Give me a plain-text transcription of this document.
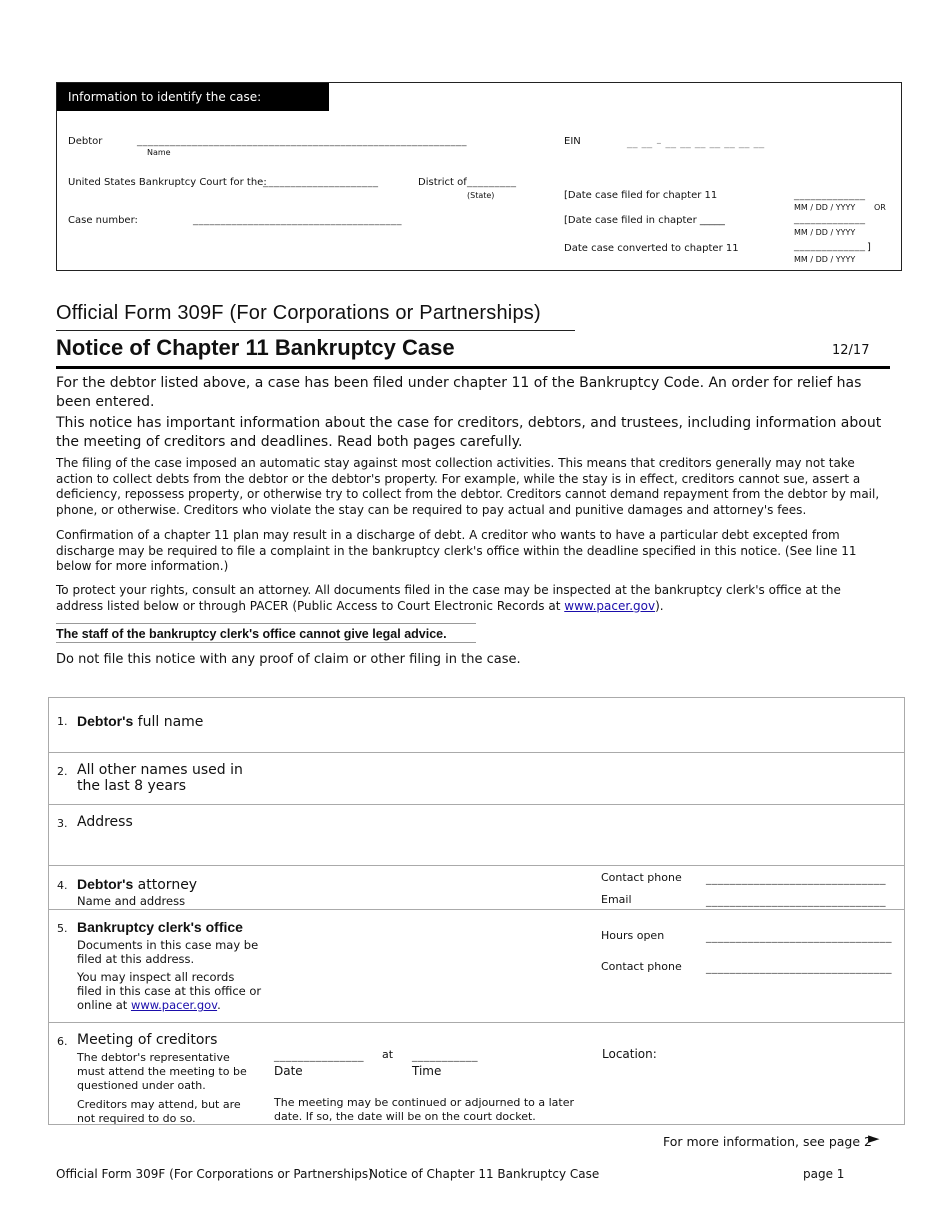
Information to identify the case:
Debtor	____________________________________________________________
Name
EIN	__ __ – __ __ __ __ __ __ __
United States Bankruptcy Court for the:
_____________________	District of _________
(State)
Case number:	______________________________________
[Date case filed for chapter 11	_____________
MM / DD / YYYY OR
[Date case filed in chapter _____	_____________
MM / DD / YYYY
Date case converted to chapter 11	_____________ ]
MM / DD / YYYY
Official Form 309F (For Corporations or Partnerships)
Notice of Chapter 11 Bankruptcy Case	12/17
For the debtor listed above, a case has been filed under chapter 11 of the Bankruptcy Code. An order for relief has been entered.
This notice has important information about the case for creditors, debtors, and trustees, including information about the meeting of creditors and deadlines. Read both pages carefully.
The filing of the case imposed an automatic stay against most collection activities. This means that creditors generally may not take action to collect debts from the debtor or the debtor's property. For example, while the stay is in effect, creditors cannot sue, assert a deficiency, repossess property, or otherwise try to collect from the debtor. Creditors cannot demand repayment from the debtor by mail, phone, or otherwise. Creditors who violate the stay can be required to pay actual and punitive damages and attorney's fees.
Confirmation of a chapter 11 plan may result in a discharge of debt. A creditor who wants to have a particular debt excepted from discharge may be required to file a complaint in the bankruptcy clerk's office within the deadline specified in this notice. (See line 11 below for more information.)
To protect your rights, consult an attorney. All documents filed in the case may be inspected at the bankruptcy clerk's office at the address listed below or through PACER (Public Access to Court Electronic Records at www.pacer.gov).
The staff of the bankruptcy clerk's office cannot give legal advice.
Do not file this notice with any proof of claim or other filing in the case.
1. Debtor's full name
2. All other names used in the last 8 years
3. Address
4. Debtor's attorney
Name and address
Contact phone ______________________________
Email	______________________________
5. Bankruptcy clerk's office
Documents in this case may be filed at this address.
You may inspect all records filed in this case at this office or online at www.pacer.gov.
Hours open	_______________________________
Contact phone _______________________________
6. Meeting of creditors
The debtor's representative must attend the meeting to be questioned under oath.
Creditors may attend, but are not required to do so.
_______________ at ___________
Date	Time
Location:
The meeting may be continued or adjourned to a later date. If so, the date will be on the court docket.
For more information, see page 2
►
Official Form 309F (For Corporations or Partnerships)
Notice of Chapter 11 Bankruptcy Case	page 1
